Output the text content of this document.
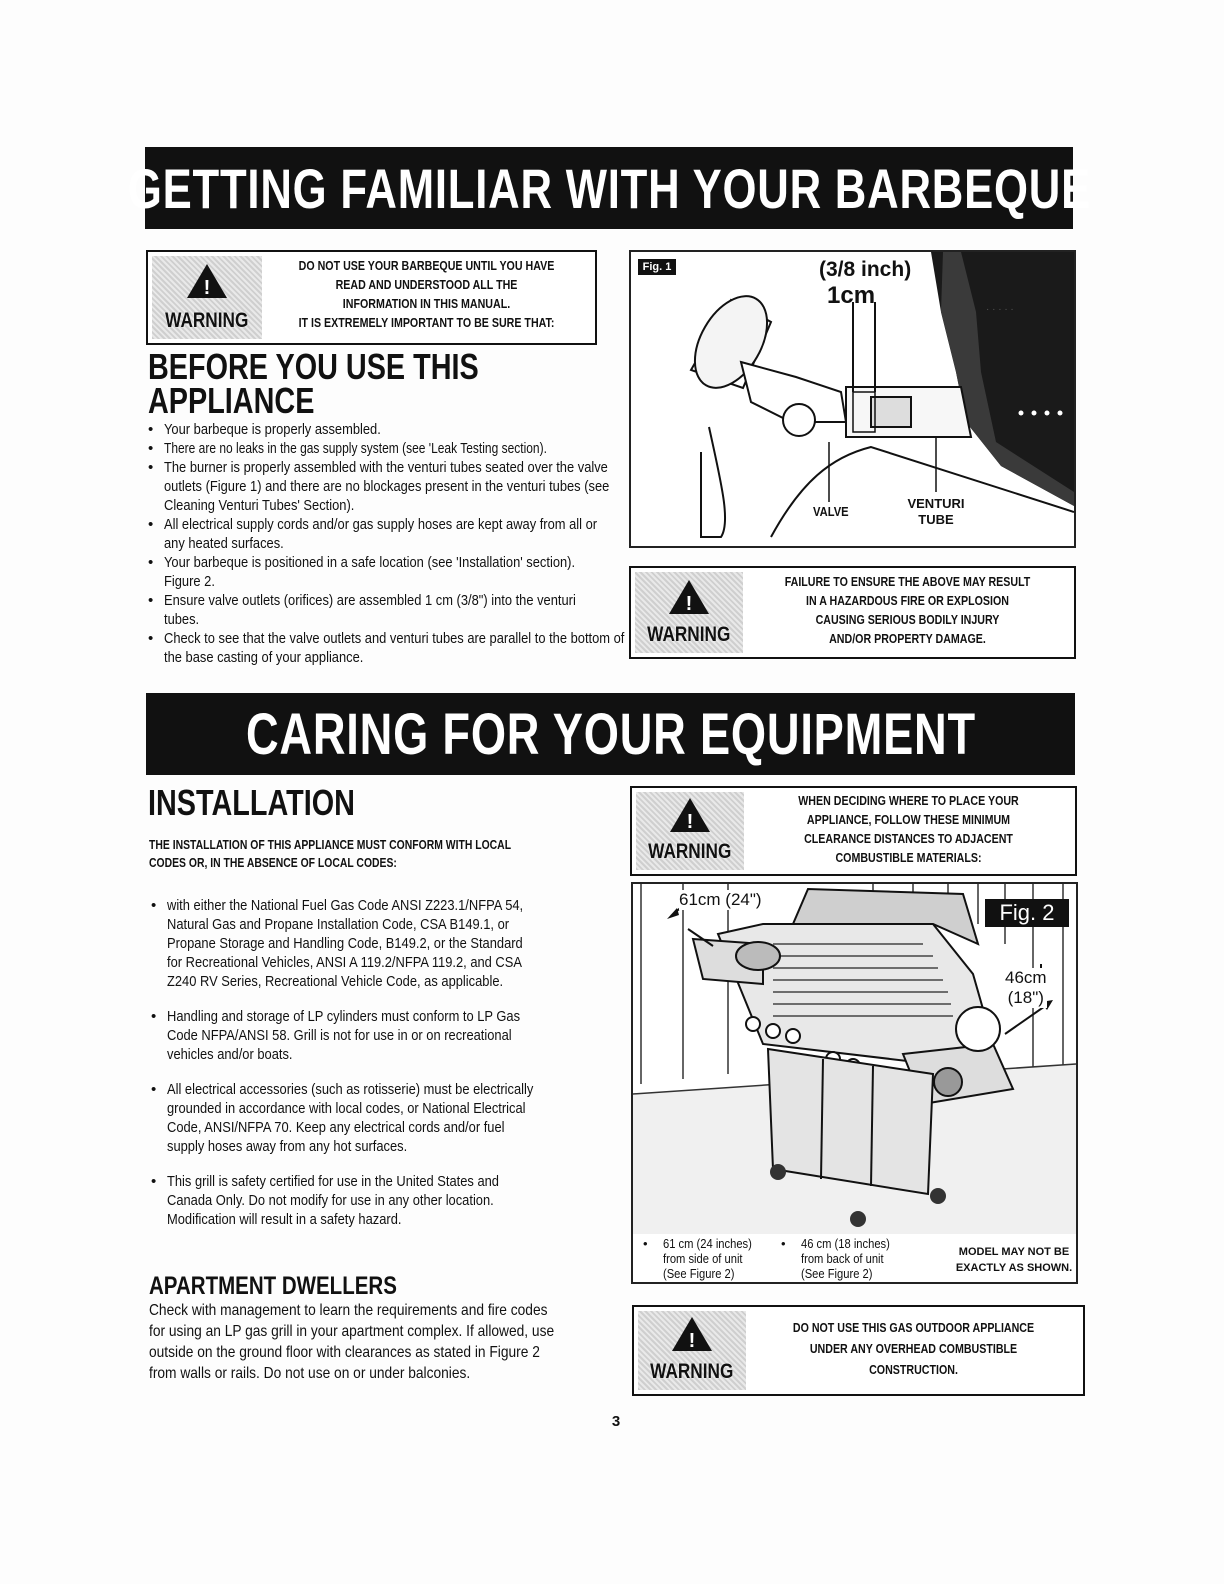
GETTING FAMILIAR WITH YOUR BARBEQUE
!
WARNING
DO NOT USE YOUR BARBEQUE UNTIL YOU HAVE
READ AND UNDERSTOOD ALL THE
INFORMATION IN THIS MANUAL.
IT IS EXTREMELY IMPORTANT TO BE SURE THAT:
BEFORE YOU USE THIS
APPLIANCE
• Your barbeque is properly assembled.
• There are no leaks in the gas supply system (see 'Leak Testing section).
• The burner is properly assembled with the venturi tubes seated over the valve outlets (Figure 1) and there are no blockages present in the venturi tubes (see Cleaning Venturi Tubes' Section).
• All electrical supply cords and/or gas supply hoses are kept away from all or any heated surfaces.
• Your barbeque is positioned in a safe location (see 'Installation' section). Figure 2.
• Ensure valve outlets (orifices) are assembled 1 cm (3/8") into the venturi tubes.
• Check to see that the valve outlets and venturi tubes are parallel to the bottom of the base casting of your appliance.
Fig. 1
· · · · ·
(3/8 inch)
1cm
VALVE
VENTURI
TUBE
!
WARNING
FAILURE TO ENSURE THE ABOVE MAY RESULT
IN A HAZARDOUS FIRE OR EXPLOSION
CAUSING SERIOUS BODILY INJURY
AND/OR PROPERTY DAMAGE.
CARING FOR YOUR EQUIPMENT
INSTALLATION
THE INSTALLATION OF THIS APPLIANCE MUST CONFORM WITH LOCAL
CODES OR, IN THE ABSENCE OF LOCAL CODES:
• with either the National Fuel Gas Code ANSI Z223.1/NFPA 54,
Natural Gas and Propane Installation Code, CSA B149.1, or
Propane Storage and Handling Code, B149.2, or the Standard
for Recreational Vehicles, ANSI A 119.2/NFPA 119.2, and CSA
Z240 RV Series, Recreational Vehicle Code, as applicable.
• Handling and storage of LP cylinders must conform to LP Gas
Code NFPA/ANSI 58. Grill is not for use in or on recreational
vehicles and/or boats.
• All electrical accessories (such as rotisserie) must be electrically
grounded in accordance with local codes, or National Electrical
Code, ANSI/NFPA 70. Keep any electrical cords and/or fuel
supply hoses away from any hot surfaces.
• This grill is safety certified for use in the United States and
Canada Only. Do not modify for use in any other location.
Modification will result in a safety hazard.
APARTMENT DWELLERS
Check with management to learn the requirements and fire codes
for using an LP gas grill in your apartment complex. If allowed, use
outside on the ground floor with clearances as stated in Figure 2
from walls or rails. Do not use on or under balconies.
!
WARNING
WHEN DECIDING WHERE TO PLACE YOUR
APPLIANCE, FOLLOW THESE MINIMUM
CLEARANCE DISTANCES TO ADJACENT
COMBUSTIBLE MATERIALS:
Fig. 2
61cm (24")
46cm
(18")
•	61 cm (24 inches)
from side of unit
(See Figure 2)
•	46 cm (18 inches)
from back of unit
(See Figure 2)
MODEL MAY NOT BE
EXACTLY AS SHOWN.
!
WARNING
DO NOT USE THIS GAS OUTDOOR APPLIANCE
UNDER ANY OVERHEAD COMBUSTIBLE
CONSTRUCTION.
3
